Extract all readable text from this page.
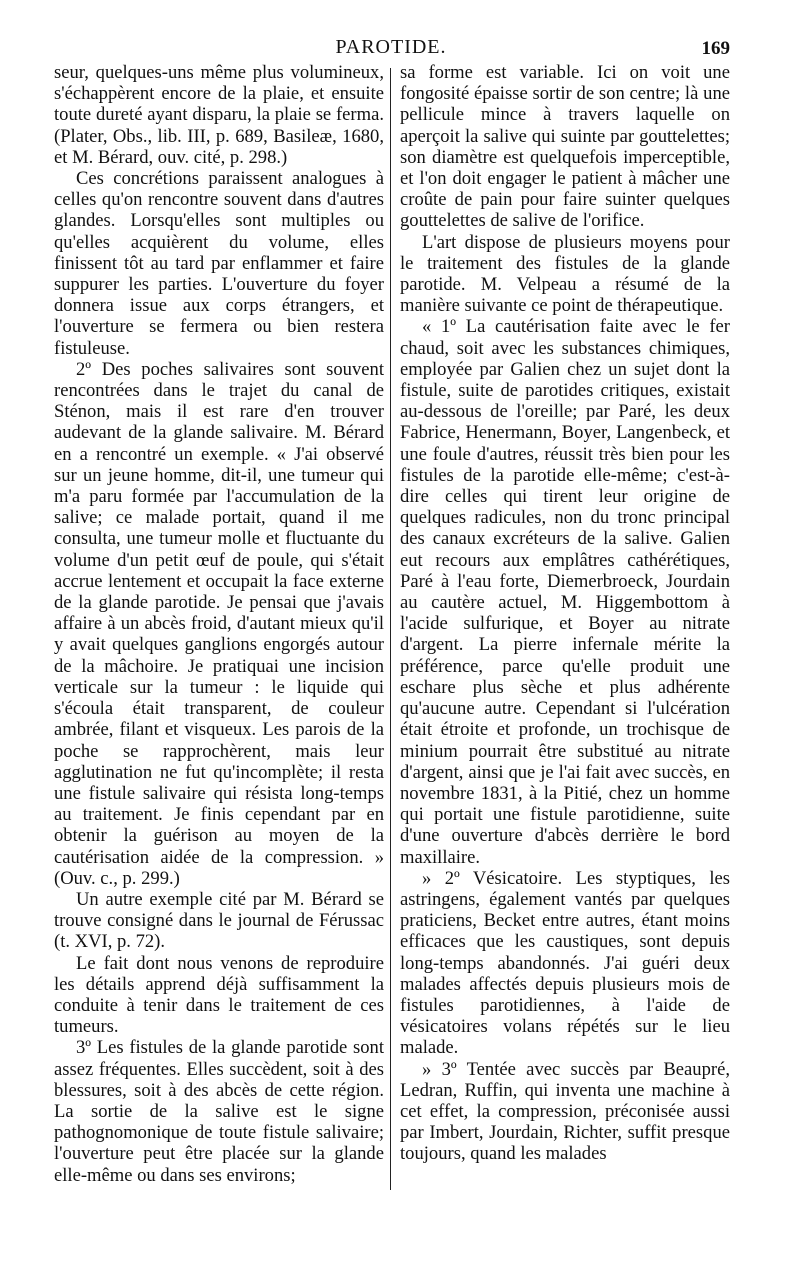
PAROTIDE.	169

seur, quelques-uns même plus volumineux, s'échappèrent encore de la plaie, et ensuite toute dureté ayant disparu, la plaie se ferma. (Plater, Obs., lib. III, p. 689, Basileæ, 1680, et M. Bérard, ouv. cité, p. 298.)

Ces concrétions paraissent analogues à celles qu'on rencontre souvent dans d'autres glandes. Lorsqu'elles sont multiples ou qu'elles acquièrent du volume, elles finissent tôt au tard par enflammer et faire suppurer les parties. L'ouverture du foyer donnera issue aux corps étrangers, et l'ouverture se fermera ou bien restera fistuleuse.

2º Des poches salivaires sont souvent rencontrées dans le trajet du canal de Sténon, mais il est rare d'en trouver audevant de la glande salivaire. M. Bérard en a rencontré un exemple. « J'ai observé sur un jeune homme, dit-il, une tumeur qui m'a paru formée par l'accumulation de la salive; ce malade portait, quand il me consulta, une tumeur molle et fluctuante du volume d'un petit œuf de poule, qui s'était accrue lentement et occupait la face externe de la glande parotide. Je pensai que j'avais affaire à un abcès froid, d'autant mieux qu'il y avait quelques ganglions engorgés autour de la mâchoire. Je pratiquai une incision verticale sur la tumeur : le liquide qui s'écoula était transparent, de couleur ambrée, filant et visqueux. Les parois de la poche se rapprochèrent, mais leur agglutination ne fut qu'incomplète; il resta une fistule salivaire qui résista long-temps au traitement. Je finis cependant par en obtenir la guérison au moyen de la cautérisation aidée de la compression. » (Ouv. c., p. 299.)

Un autre exemple cité par M. Bérard se trouve consigné dans le journal de Férussac (t. XVI, p. 72).

Le fait dont nous venons de reproduire les détails apprend déjà suffisamment la conduite à tenir dans le traitement de ces tumeurs.

3º Les fistules de la glande parotide sont assez fréquentes. Elles succèdent, soit à des blessures, soit à des abcès de cette région. La sortie de la salive est le signe pathognomonique de toute fistule salivaire; l'ouverture peut être placée sur la glande elle-même ou dans ses environs;

sa forme est variable. Ici on voit une fongosité épaisse sortir de son centre; là une pellicule mince à travers laquelle on aperçoit la salive qui suinte par gouttelettes; son diamètre est quelquefois imperceptible, et l'on doit engager le patient à mâcher une croûte de pain pour faire suinter quelques gouttelettes de salive de l'orifice.

L'art dispose de plusieurs moyens pour le traitement des fistules de la glande parotide. M. Velpeau a résumé de la manière suivante ce point de thérapeutique.

« 1º La cautérisation faite avec le fer chaud, soit avec les substances chimiques, employée par Galien chez un sujet dont la fistule, suite de parotides critiques, existait au-dessous de l'oreille; par Paré, les deux Fabrice, Henermann, Boyer, Langenbeck, et une foule d'autres, réussit très bien pour les fistules de la parotide elle-même; c'est-à-dire celles qui tirent leur origine de quelques radicules, non du tronc principal des canaux excréteurs de la salive. Galien eut recours aux emplâtres cathérétiques, Paré à l'eau forte, Diemerbroeck, Jourdain au cautère actuel, M. Higgembottom à l'acide sulfurique, et Boyer au nitrate d'argent. La pierre infernale mérite la préférence, parce qu'elle produit une eschare plus sèche et plus adhérente qu'aucune autre. Cependant si l'ulcération était étroite et profonde, un trochisque de minium pourrait être substitué au nitrate d'argent, ainsi que je l'ai fait avec succès, en novembre 1831, à la Pitié, chez un homme qui portait une fistule parotidienne, suite d'une ouverture d'abcès derrière le bord maxillaire.

» 2º Vésicatoire. Les styptiques, les astringens, également vantés par quelques praticiens, Becket entre autres, étant moins efficaces que les caustiques, sont depuis long-temps abandonnés. J'ai guéri deux malades affectés depuis plusieurs mois de fistules parotidiennes, à l'aide de vésicatoires volans répétés sur le lieu malade.

» 3º Tentée avec succès par Beaupré, Ledran, Ruffin, qui inventa une machine à cet effet, la compression, préconisée aussi par Imbert, Jourdain, Richter, suffit presque toujours, quand les malades
